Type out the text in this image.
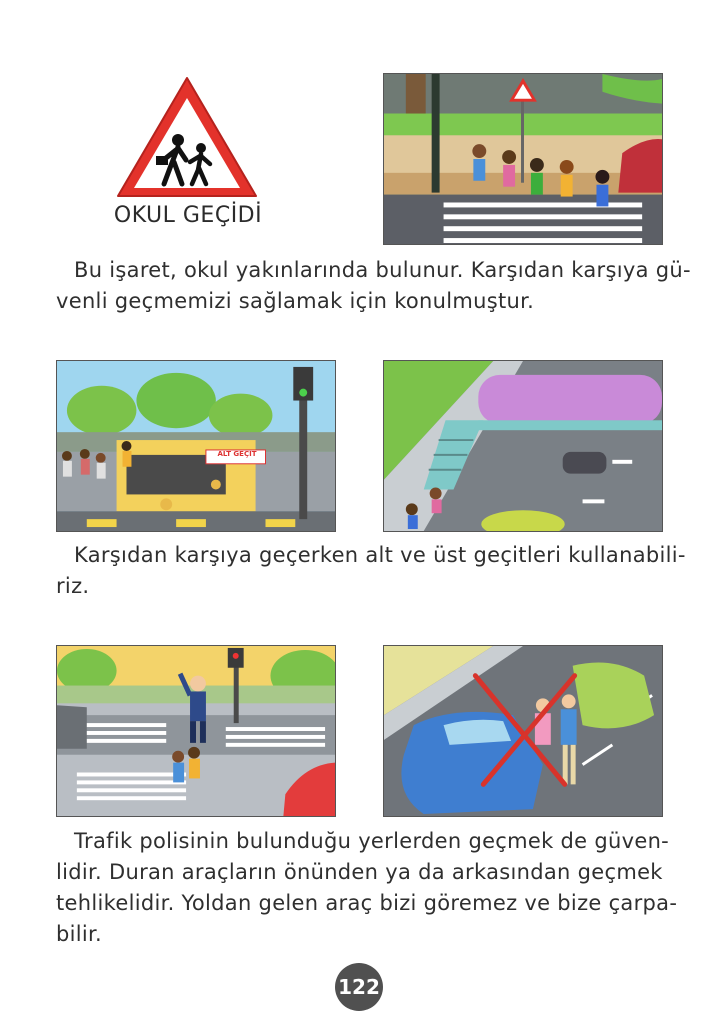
OKUL GEÇİDİ
Bu işaret, okul yakınlarında bulunur. Karşıdan karşıya gü-
venli geçmemizi sağlamak için konulmuştur.
ALT GEÇİT
Karşıdan karşıya geçerken alt ve üst geçitleri kullanabili-
riz.
Trafik polisinin bulunduğu yerlerden geçmek de güven-
lidir. Duran araçların önünden ya da arkasından geçmek
tehlikelidir. Yoldan gelen araç bizi göremez ve bize çarpa-
bilir.
122
